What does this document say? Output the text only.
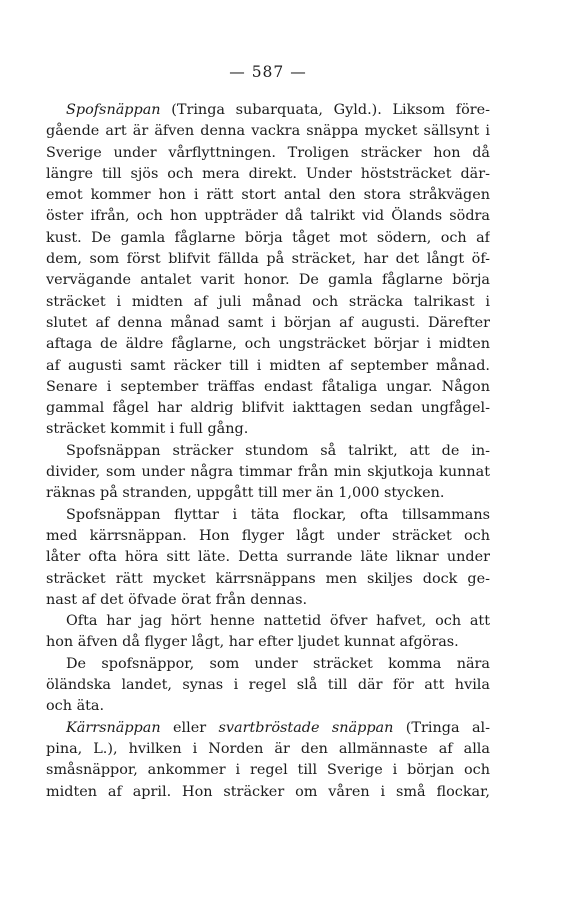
— 587 —
Spofsnäppan (Tringa subarquata, Gyld.). Liksom före-
gående art är äfven denna vackra snäppa mycket sällsynt i
Sverige under vårflyttningen. Troligen sträcker hon då
längre till sjös och mera direkt. Under höststräcket där-
emot kommer hon i rätt stort antal den stora stråkvägen
öster ifrån, och hon uppträder då talrikt vid Ölands södra
kust. De gamla fåglarne börja tåget mot södern, och af
dem, som först blifvit fällda på sträcket, har det långt öf-
vervägande antalet varit honor. De gamla fåglarne börja
sträcket i midten af juli månad och sträcka talrikast i
slutet af denna månad samt i början af augusti. Därefter
aftaga de äldre fåglarne, och ungsträcket börjar i midten
af augusti samt räcker till i midten af september månad.
Senare i september träffas endast fåtaliga ungar. Någon
gammal fågel har aldrig blifvit iakttagen sedan ungfågel-
sträcket kommit i full gång.
Spofsnäppan sträcker stundom så talrikt, att de in-
divider, som under några timmar från min skjutkoja kunnat
räknas på stranden, uppgått till mer än 1,000 stycken.
Spofsnäppan flyttar i täta flockar, ofta tillsammans
med kärrsnäppan. Hon flyger lågt under sträcket och
låter ofta höra sitt läte. Detta surrande läte liknar under
sträcket rätt mycket kärrsnäppans men skiljes dock ge-
nast af det öfvade örat från dennas.
Ofta har jag hört henne nattetid öfver hafvet, och att
hon äfven då flyger lågt, har efter ljudet kunnat afgöras.
De spofsnäppor, som under sträcket komma nära
öländska landet, synas i regel slå till där för att hvila
och äta.
Kärrsnäppan eller svartbröstade snäppan (Tringa al-
pina, L.), hvilken i Norden är den allmännaste af alla
småsnäppor, ankommer i regel till Sverige i början och
midten af april. Hon sträcker om våren i små flockar,
